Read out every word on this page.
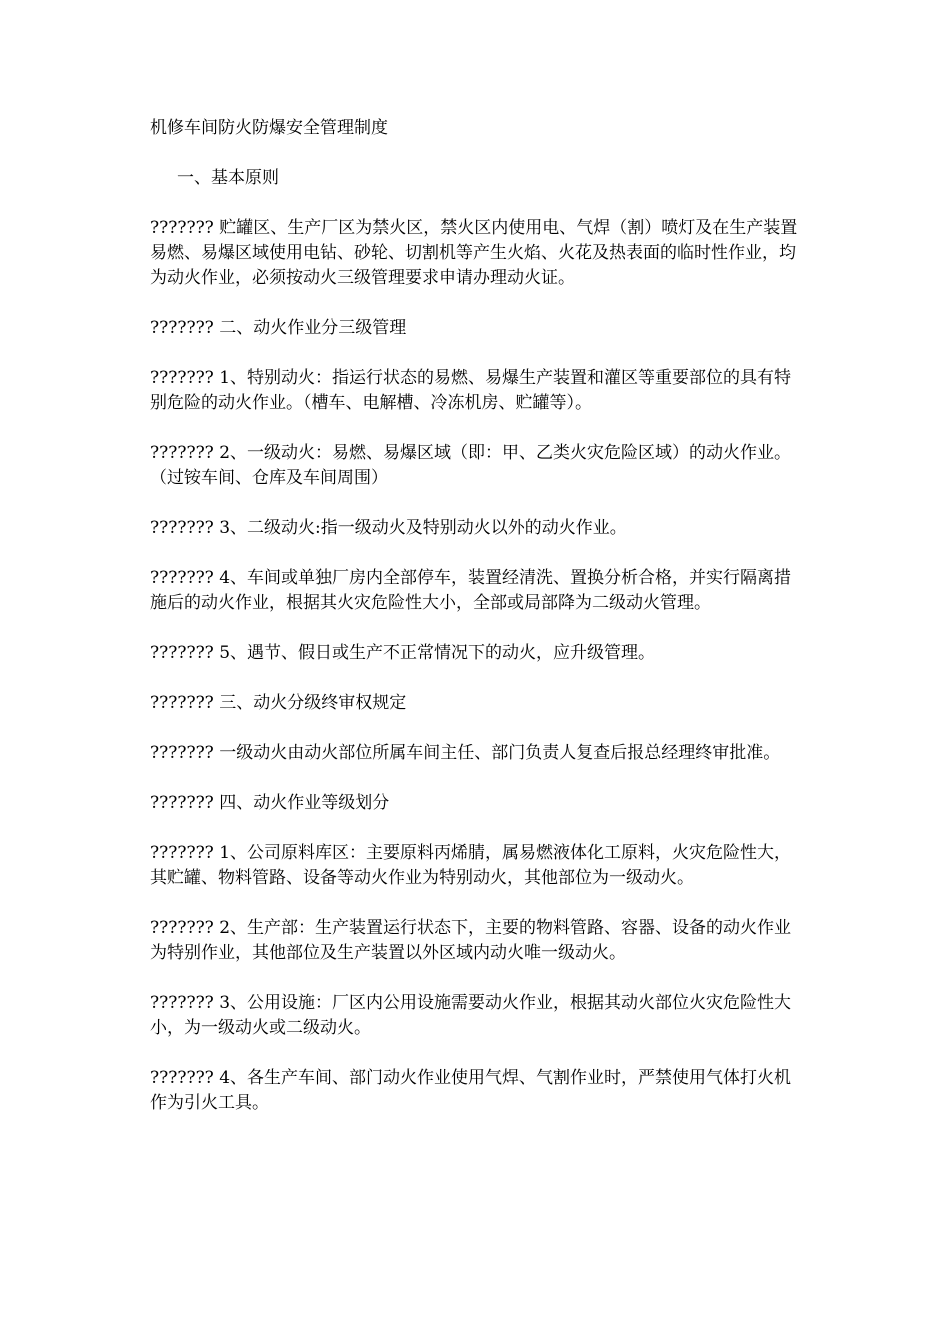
机修车间防火防爆安全管理制度

一、基本原则

??????? 贮罐区、生产厂区为禁火区，禁火区内使用电、气焊（割）喷灯及在生产装置易燃、易爆区域使用电钻、砂轮、切割机等产生火焰、火花及热表面的临时性作业，均为动火作业，必须按动火三级管理要求申请办理动火证。

??????? 二、动火作业分三级管理

??????? 1、特别动火：指运行状态的易燃、易爆生产装置和灌区等重要部位的具有特别危险的动火作业。（槽车、电解槽、冷冻机房、贮罐等）。

??????? 2、一级动火：易燃、易爆区域（即：甲、乙类火灾危险区域）的动火作业。（过铵车间、仓库及车间周围）

??????? 3、二级动火:指一级动火及特别动火以外的动火作业。

??????? 4、车间或单独厂房内全部停车，装置经清洗、置换分析合格，并实行隔离措施后的动火作业，根据其火灾危险性大小，全部或局部降为二级动火管理。

??????? 5、遇节、假日或生产不正常情况下的动火，应升级管理。

??????? 三、动火分级终审权规定

??????? 一级动火由动火部位所属车间主任、部门负责人复查后报总经理终审批准。

??????? 四、动火作业等级划分

??????? 1、公司原料库区：主要原料丙烯腈，属易燃液体化工原料，火灾危险性大，其贮罐、物料管路、设备等动火作业为特别动火，其他部位为一级动火。

??????? 2、生产部：生产装置运行状态下，主要的物料管路、容器、设备的动火作业为特别作业，其他部位及生产装置以外区域内动火唯一级动火。

??????? 3、公用设施：厂区内公用设施需要动火作业，根据其动火部位火灾危险性大小，为一级动火或二级动火。

??????? 4、各生产车间、部门动火作业使用气焊、气割作业时，严禁使用气体打火机作为引火工具。
